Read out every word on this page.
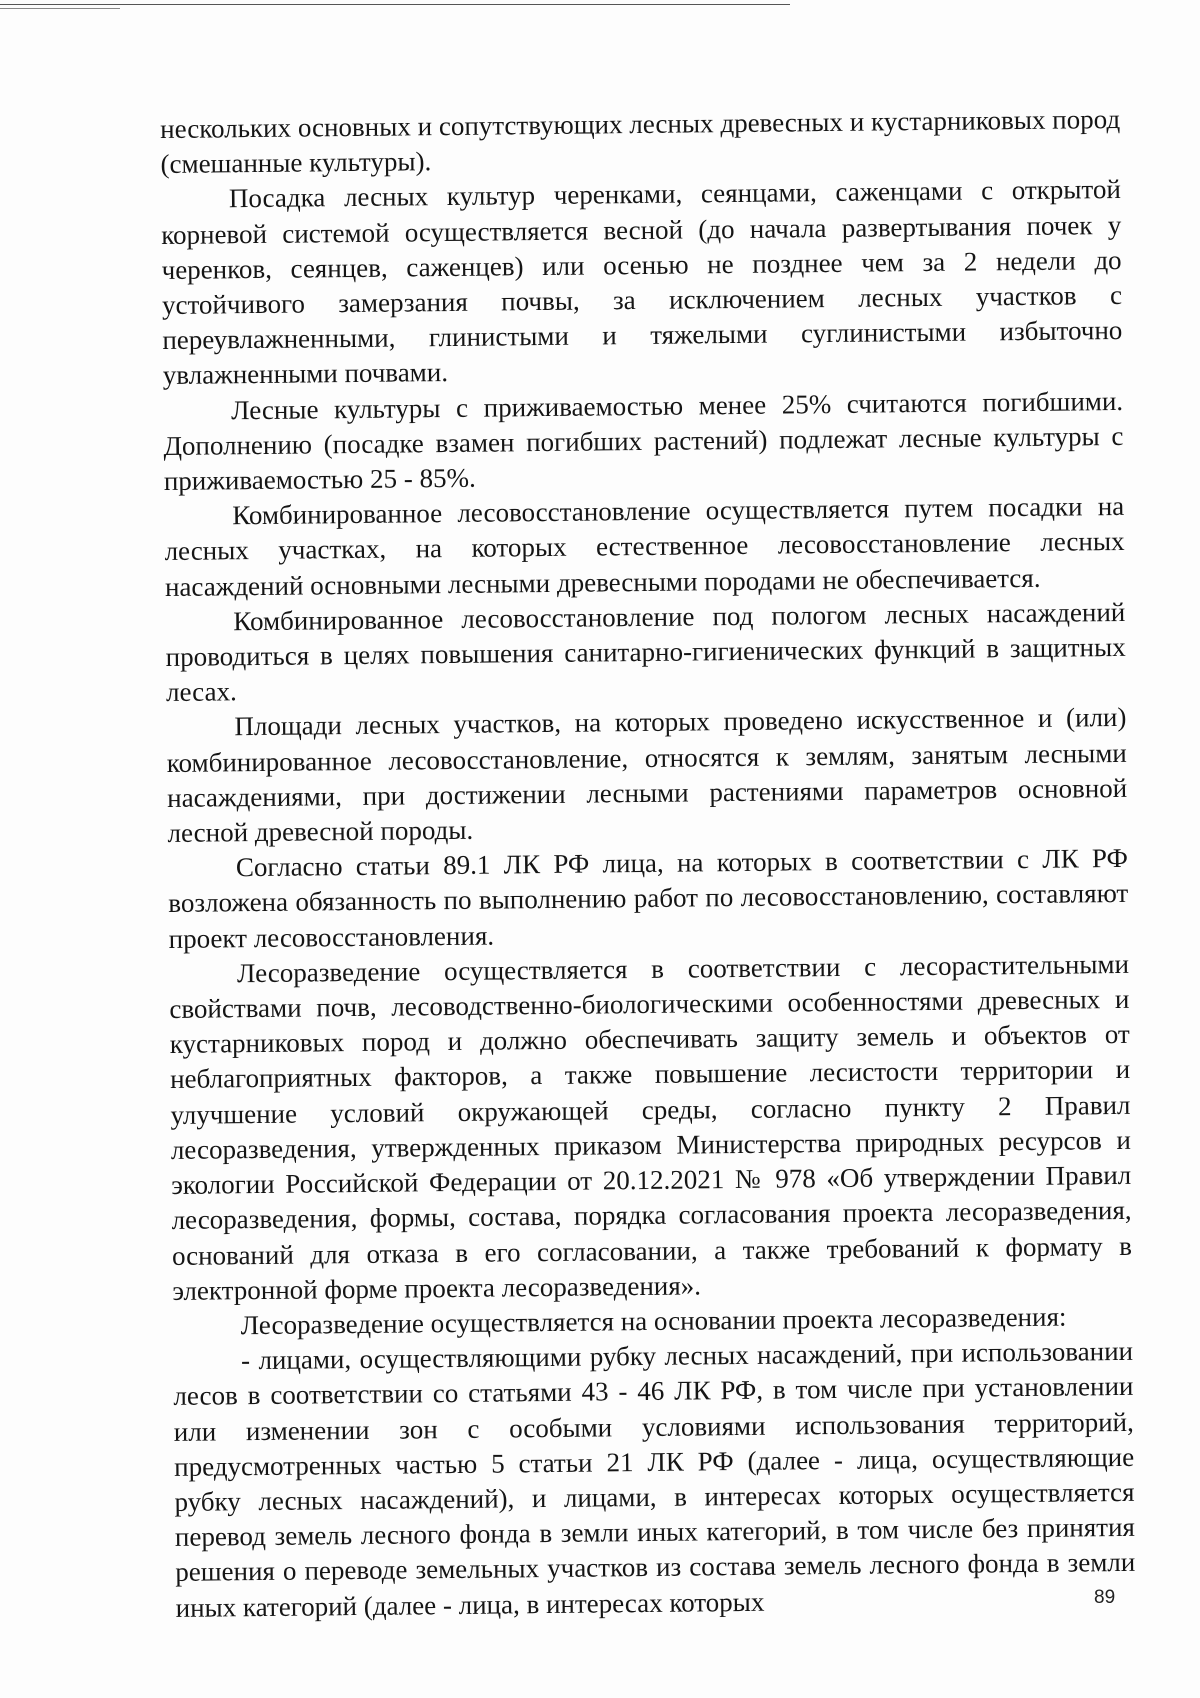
нескольких основных и сопутствующих лесных древесных и кустарниковых пород (смешанные культуры).

Посадка лесных культур черенками, сеянцами, саженцами с открытой корневой системой осуществляется весной (до начала развертывания почек у черенков, сеянцев, саженцев) или осенью не позднее чем за 2 недели до устойчивого замерзания почвы, за исключением лесных участков с переувлажненными, глинистыми и тяжелыми суглинистыми избыточно увлажненными почвами.

Лесные культуры с приживаемостью менее 25% считаются погибшими. Дополнению (посадке взамен погибших растений) подлежат лесные культуры с приживаемостью 25 - 85%.

Комбинированное лесовосстановление осуществляется путем посадки на лесных участках, на которых естественное лесовосстановление лесных насаждений основными лесными древесными породами не обеспечивается.

Комбинированное лесовосстановление под пологом лесных насаждений проводиться в целях повышения санитарно-гигиенических функций в защитных лесах.

Площади лесных участков, на которых проведено искусственное и (или) комбинированное лесовосстановление, относятся к землям, занятым лесными насаждениями, при достижении лесными растениями параметров основной лесной древесной породы.

Согласно статьи 89.1 ЛК РФ лица, на которых в соответствии с ЛК РФ возложена обязанность по выполнению работ по лесовосстановлению, составляют проект лесовосстановления.

Лесоразведение осуществляется в соответствии с лесорастительными свойствами почв, лесоводственно-биологическими особенностями древесных и кустарниковых пород и должно обеспечивать защиту земель и объектов от неблагоприятных факторов, а также повышение лесистости территории и улучшение условий окружающей среды, согласно пункту 2 Правил лесоразведения, утвержденных приказом Министерства природных ресурсов и экологии Российской Федерации от 20.12.2021 № 978 «Об утверждении Правил лесоразведения, формы, состава, порядка согласования проекта лесоразведения, оснований для отказа в его согласовании, а также требований к формату в электронной форме проекта лесоразведения».

Лесоразведение осуществляется на основании проекта лесоразведения:

- лицами, осуществляющими рубку лесных насаждений, при использовании лесов в соответствии со статьями 43 - 46 ЛК РФ, в том числе при установлении или изменении зон с особыми условиями использования территорий, предусмотренных частью 5 статьи 21 ЛК РФ (далее - лица, осуществляющие рубку лесных насаждений), и лицами, в интересах которых осуществляется перевод земель лесного фонда в земли иных категорий, в том числе без принятия решения о переводе земельных участков из состава земель лесного фонда в земли иных категорий (далее - лица, в интересах которых	89
